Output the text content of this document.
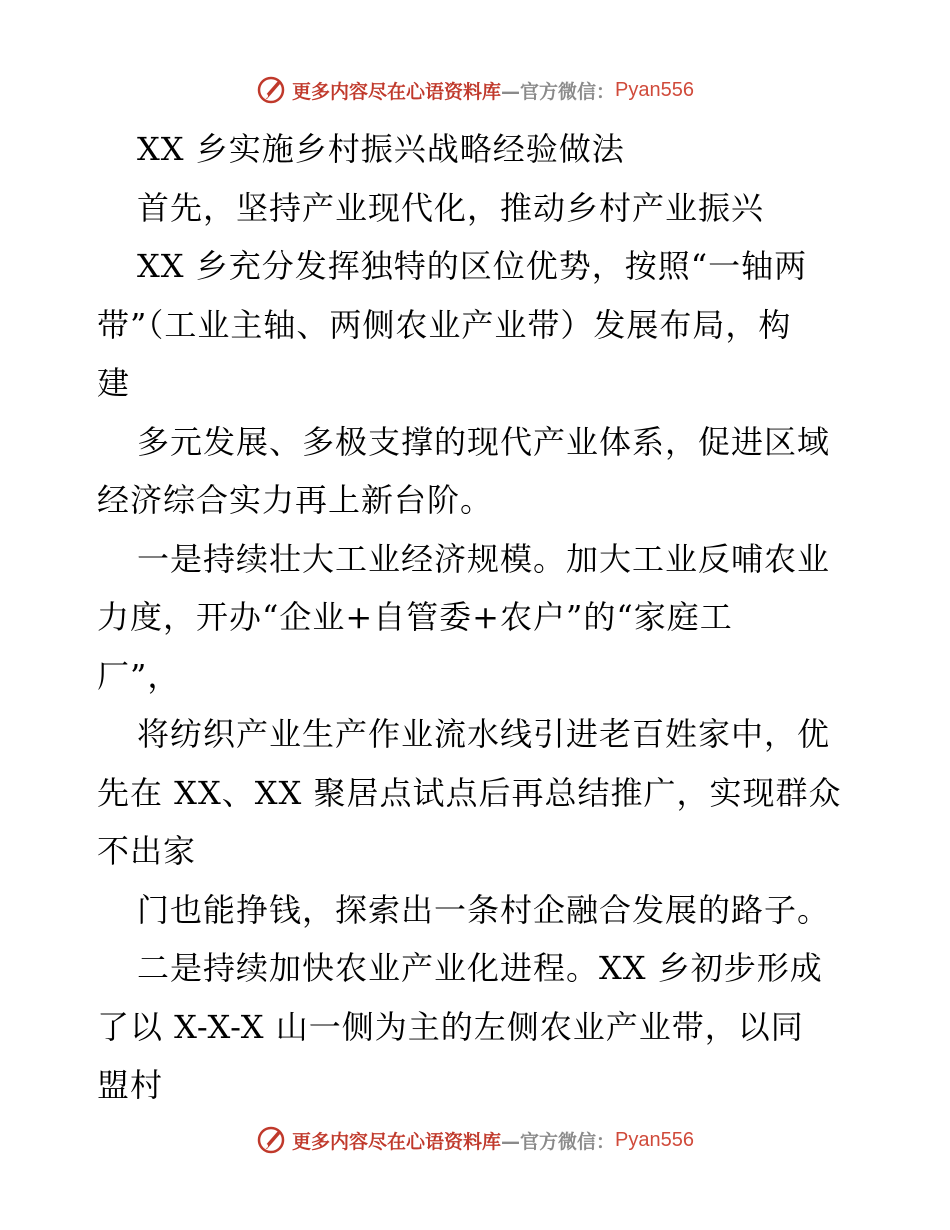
更多内容尽在心语资料库 —官方微信： Pyan556
XX 乡实施乡村振兴战略经验做法
首先，坚持产业现代化，推动乡村产业振兴
XX 乡充分发挥独特的区位优势，按照“一轴两
带”（工业主轴、两侧农业产业带）发展布局，构
建
多元发展、多极支撑的现代产业体系，促进区域
经济综合实力再上新台阶。
一是持续壮大工业经济规模。加大工业反哺农业
力度，开办“企业+自管委+农户”的“家庭工
厂”，
将纺织产业生产作业流水线引进老百姓家中，优
先在 XX、XX 聚居点试点后再总结推广，实现群众
不出家
门也能挣钱，探索出一条村企融合发展的路子。
二是持续加快农业产业化进程。XX 乡初步形成
了以 X-X-X 山一侧为主的左侧农业产业带，以同
盟村
更多内容尽在心语资料库 —官方微信： Pyan556
